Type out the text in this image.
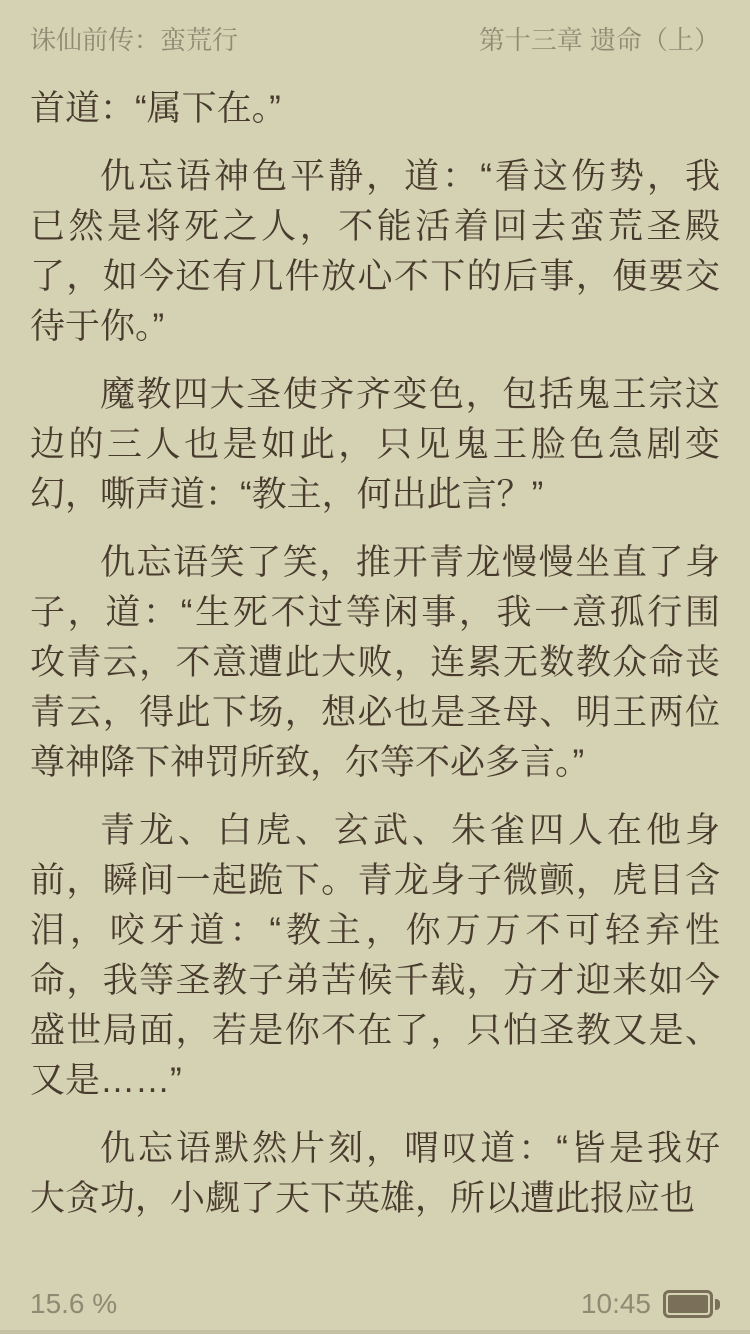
诛仙前传：蛮荒行	第十三章 遗命（上）
首道：“属下在。”
仇忘语神色平静，道：“看这伤势，我
已然是将死之人，不能活着回去蛮荒圣殿
了，如今还有几件放心不下的后事，便要交
待于你。”
魔教四大圣使齐齐变色，包括鬼王宗这
边的三人也是如此，只见鬼王脸色急剧变
幻，嘶声道：“教主，何出此言？”
仇忘语笑了笑，推开青龙慢慢坐直了身
子，道：“生死不过等闲事，我一意孤行围
攻青云，不意遭此大败，连累无数教众命丧
青云，得此下场，想必也是圣母、明王两位
尊神降下神罚所致，尔等不必多言。”
青龙、白虎、玄武、朱雀四人在他身
前，瞬间一起跪下。青龙身子微颤，虎目含
泪，咬牙道：“教主，你万万不可轻弃性
命，我等圣教子弟苦候千载，方才迎来如今
盛世局面，若是你不在了，只怕圣教又是、
又是……”
仇忘语默然片刻，喟叹道：“皆是我好
大贪功，小觑了天下英雄，所以遭此报应也
15.6 %	10:45
